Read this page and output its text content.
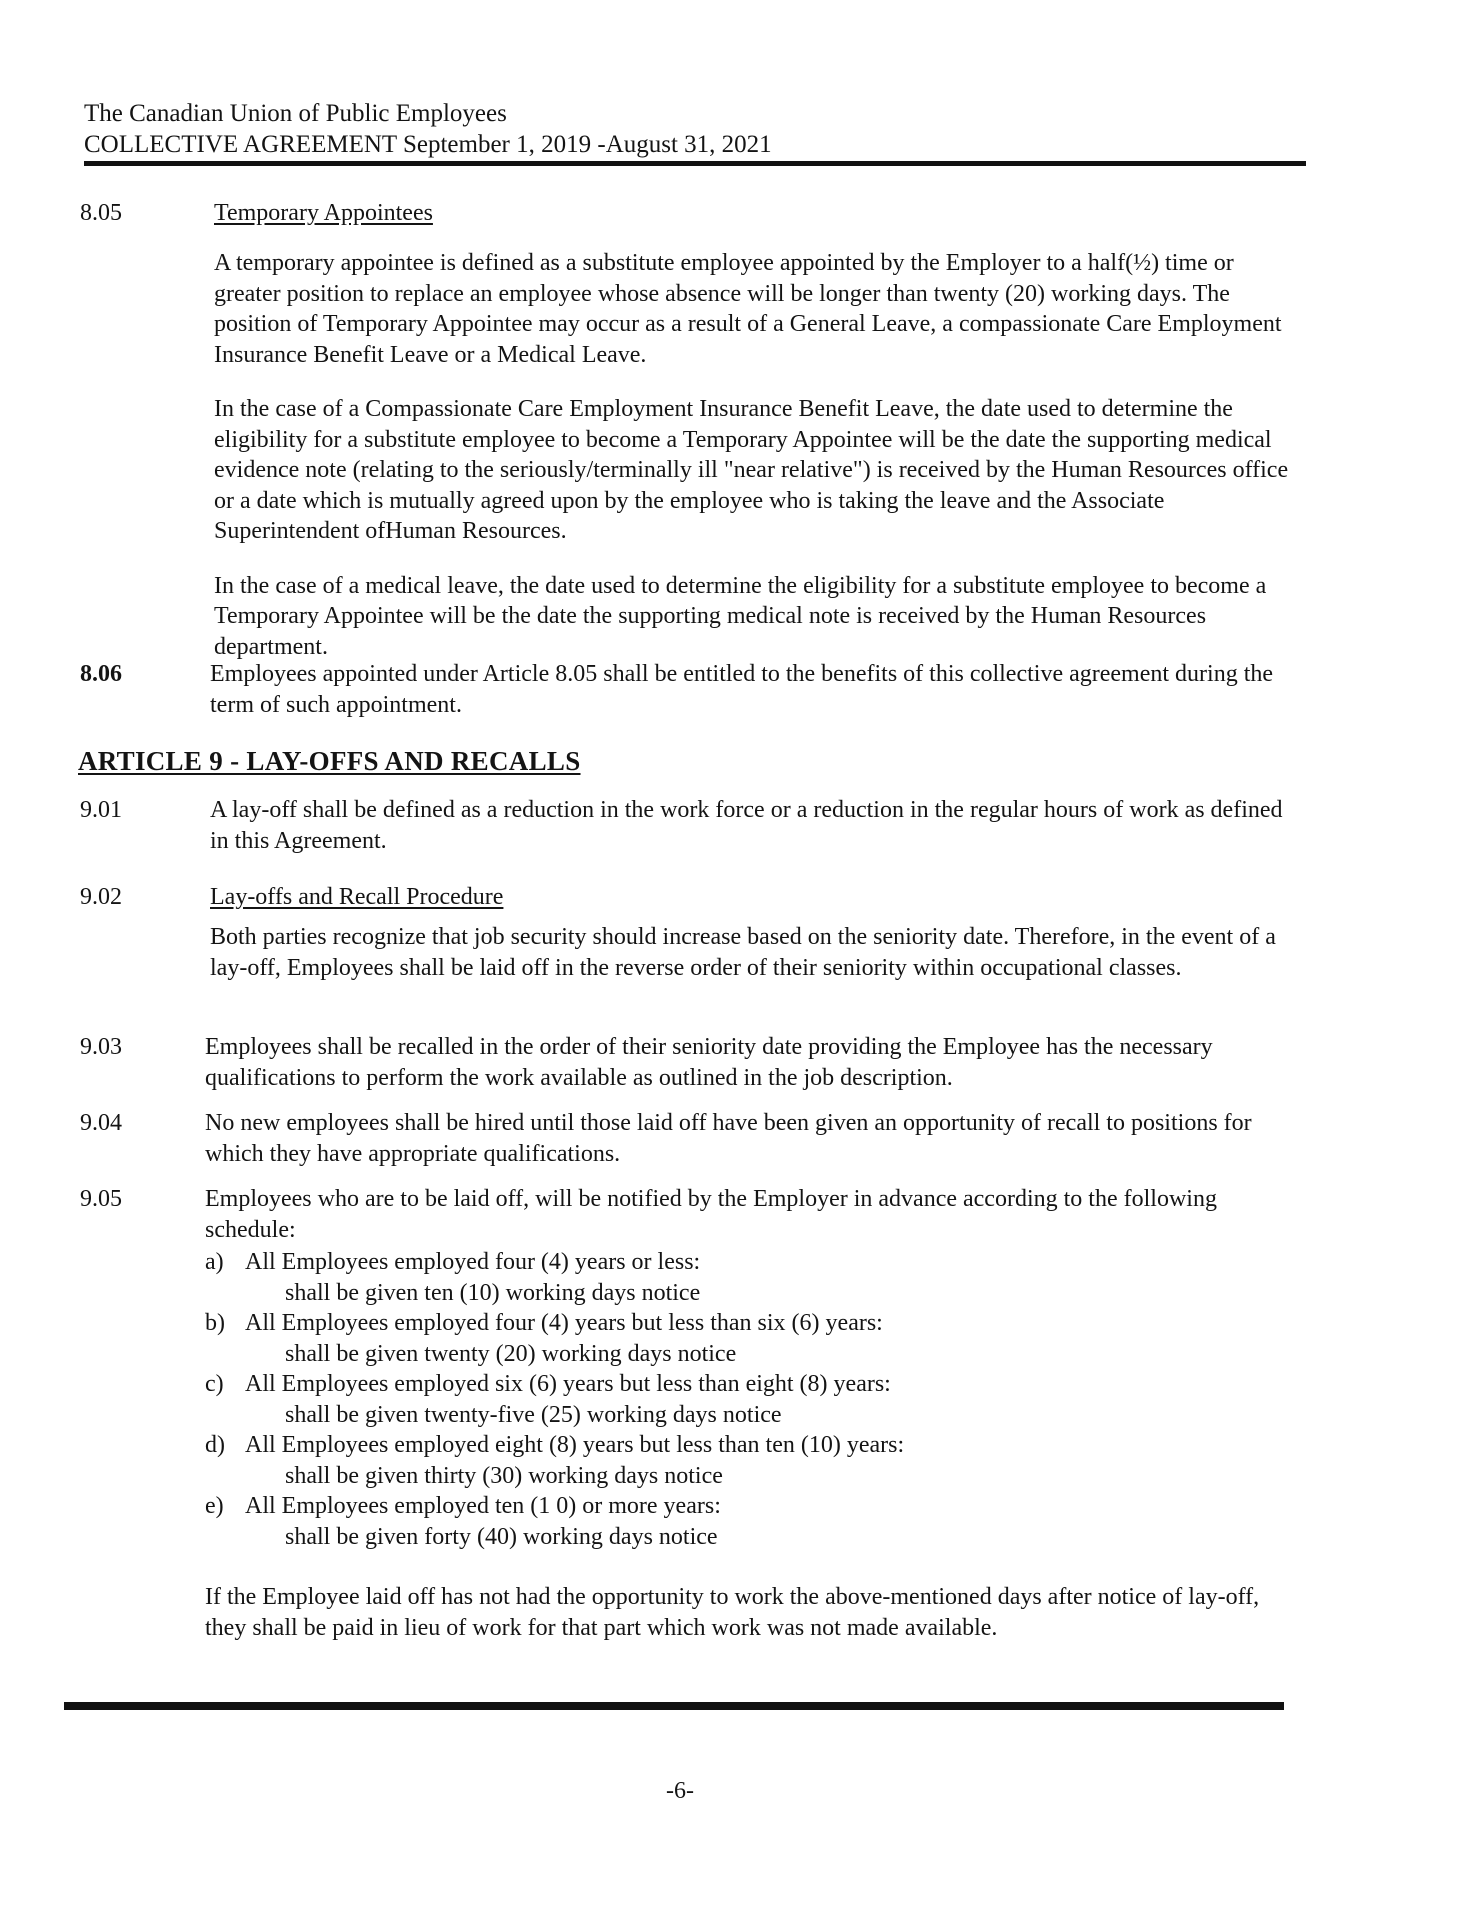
The Canadian Union of Public Employees
COLLECTIVE AGREEMENT September 1, 2019 -August 31, 2021
8.05	Temporary Appointees

A temporary appointee is defined as a substitute employee appointed by the Employer to a half(½) time or greater position to replace an employee whose absence will be longer than twenty (20) working days. The position of Temporary Appointee may occur as a result of a General Leave, a compassionate Care Employment Insurance Benefit Leave or a Medical Leave.

In the case of a Compassionate Care Employment Insurance Benefit Leave, the date used to determine the eligibility for a substitute employee to become a Temporary Appointee will be the date the supporting medical evidence note (relating to the seriously/terminally ill "near relative") is received by the Human Resources office or a date which is mutually agreed upon by the employee who is taking the leave and the Associate Superintendent ofHuman Resources.

In the case of a medical leave, the date used to determine the eligibility for a substitute employee to become a Temporary Appointee will be the date the supporting medical note is received by the Human Resources department.

8.06	Employees appointed under Article 8.05 shall be entitled to the benefits of this collective agreement during the term of such appointment.
ARTICLE 9 - LAY-OFFS AND RECALLS
9.01	A lay-off shall be defined as a reduction in the work force or a reduction in the regular hours of work as defined in this Agreement.
9.02	Lay-offs and Recall Procedure
Both parties recognize that job security should increase based on the seniority date. Therefore, in the event of a lay-off, Employees shall be laid off in the reverse order of their seniority within occupational classes.
9.03	Employees shall be recalled in the order of their seniority date providing the Employee has the necessary qualifications to perform the work available as outlined in the job description.
9.04	No new employees shall be hired until those laid off have been given an opportunity of recall to positions for which they have appropriate qualifications.
9.05	Employees who are to be laid off, will be notified by the Employer in advance according to the following schedule:
a) All Employees employed four (4) years or less:
shall be given ten (10) working days notice
b) All Employees employed four (4) years but less than six (6) years:
shall be given twenty (20) working days notice
c) All Employees employed six (6) years but less than eight (8) years:
shall be given twenty-five (25) working days notice
d) All Employees employed eight (8) years but less than ten (10) years:
shall be given thirty (30) working days notice
e) All Employees employed ten (1 0) or more years:
shall be given forty (40) working days notice

If the Employee laid off has not had the opportunity to work the above-mentioned days after notice of lay-off, they shall be paid in lieu of work for that part which work was not made available.

-6-
